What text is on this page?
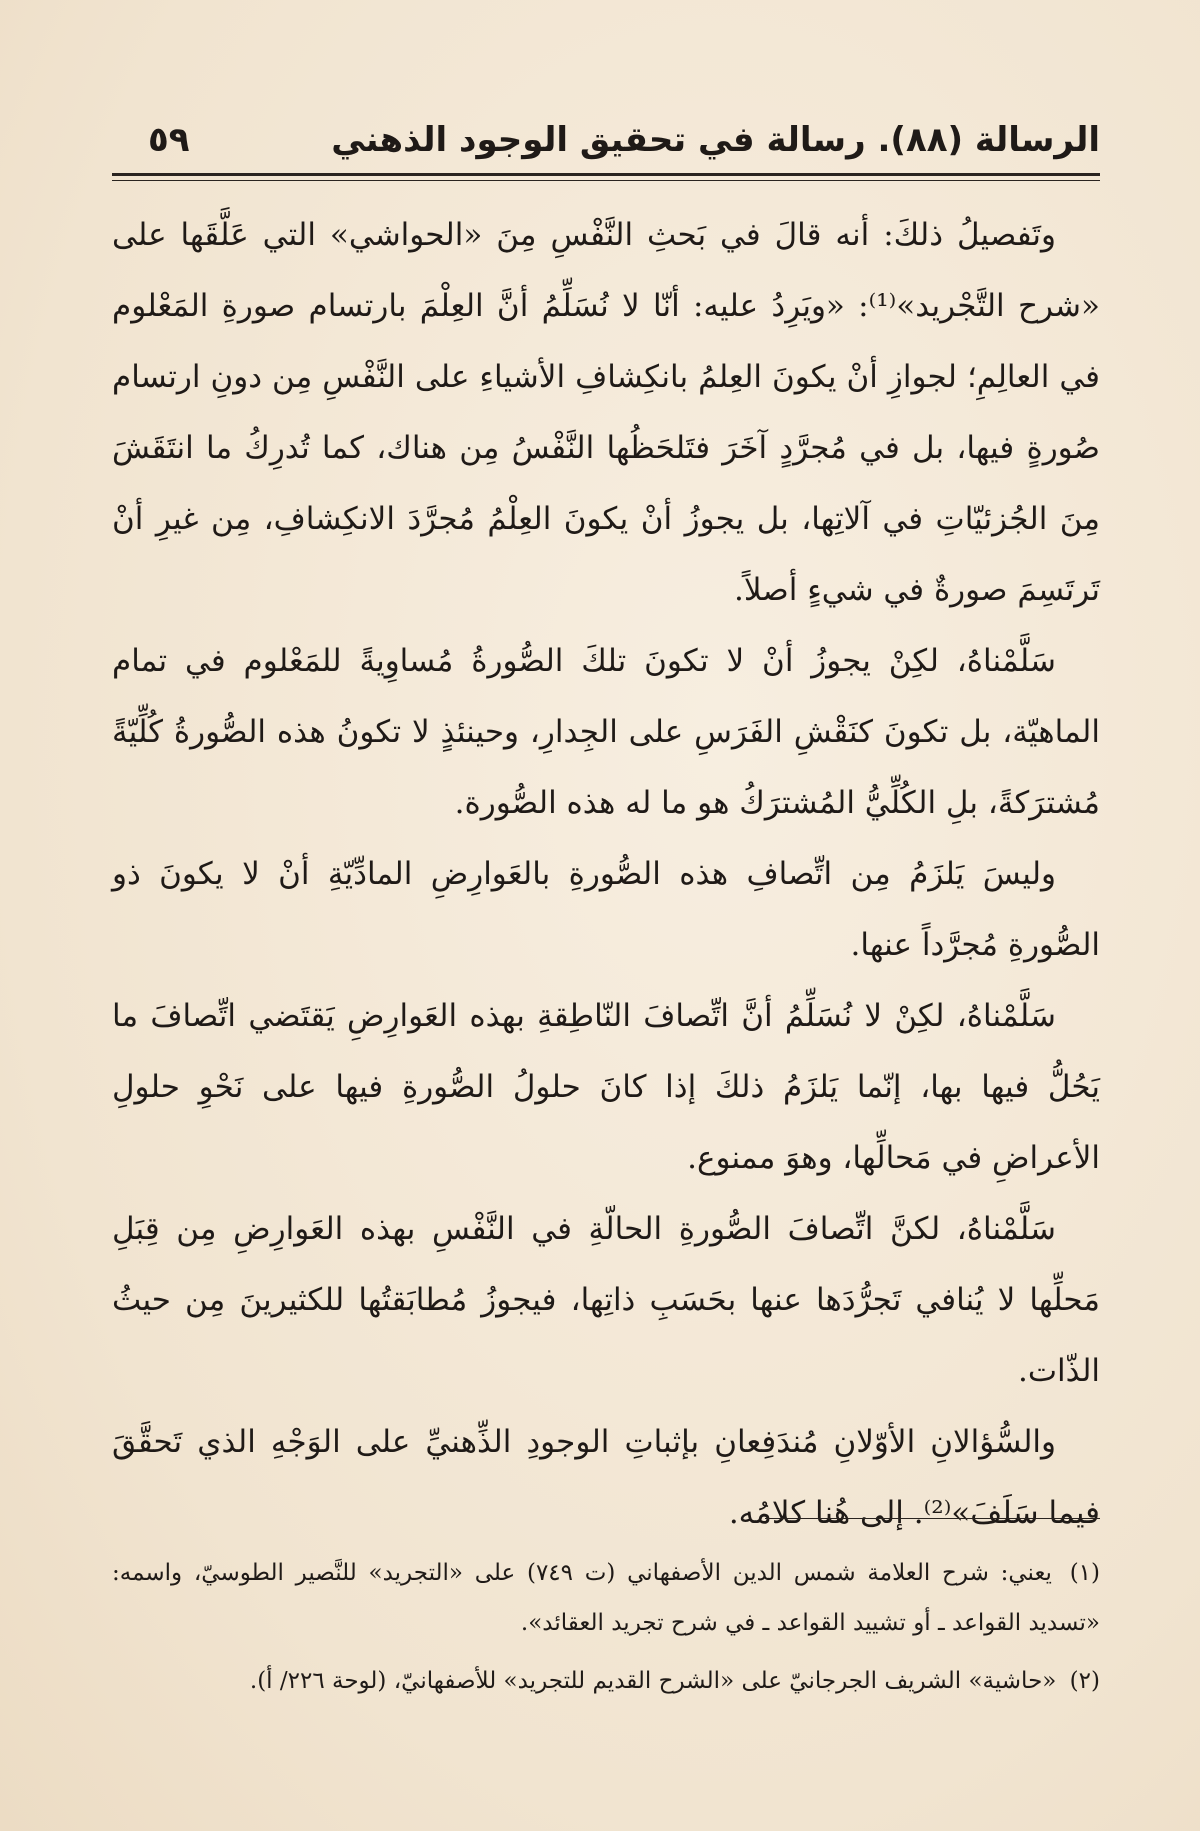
الرسالة (٨٨). رسالة في تحقيق الوجود الذهني
٥٩

وتَفصيلُ ذلكَ: أنه قالَ في بَحثِ النَّفْسِ مِنَ «الحواشي» التي عَلَّقَها على «شرح التَّجْريد»⁽¹⁾: «ويَرِدُ عليه: أنّا لا نُسَلِّمُ أنَّ العِلْمَ بارتسام صورةِ المَعْلوم في العالِمِ؛ لجوازِ أنْ يكونَ العِلمُ بانكِشافِ الأشياءِ على النَّفْسِ مِن دونِ ارتسام صُورةٍ فيها، بل في مُجرَّدٍ آخَرَ فتَلحَظُها النَّفْسُ مِن هناك، كما تُدرِكُ ما انتَقَشَ مِنَ الجُزئيّاتِ في آلاتِها، بل يجوزُ أنْ يكونَ العِلْمُ مُجرَّدَ الانكِشافِ، مِن غيرِ أنْ تَرتَسِمَ صورةٌ في شيءٍ أصلاً.

سَلَّمْناهُ، لكِنْ يجوزُ أنْ لا تكونَ تلكَ الصُّورةُ مُساوِيةً للمَعْلوم في تمام الماهيّة، بل تكونَ كنَقْشِ الفَرَسِ على الجِدارِ، وحينئذٍ لا تكونُ هذه الصُّورةُ كُلِّيّةً مُشترَكةً، بلِ الكُلِّيُّ المُشترَكُ هو ما له هذه الصُّورة.

وليسَ يَلزَمُ مِن اتِّصافِ هذه الصُّورةِ بالعَوارِضِ المادِّيّةِ أنْ لا يكونَ ذو الصُّورةِ مُجرَّداً عنها.

سَلَّمْناهُ، لكِنْ لا نُسَلِّمُ أنَّ اتِّصافَ النّاطِقةِ بهذه العَوارِضِ يَقتَضي اتِّصافَ ما يَحُلُّ فيها بها، إنّما يَلزَمُ ذلكَ إذا كانَ حلولُ الصُّورةِ فيها على نَحْوِ حلولِ الأعراضِ في مَحالِّها، وهوَ ممنوع.

سَلَّمْناهُ، لكنَّ اتِّصافَ الصُّورةِ الحالّةِ في النَّفْسِ بهذه العَوارِضِ مِن قِبَلِ مَحلِّها لا يُنافي تَجرُّدَها عنها بحَسَبِ ذاتِها، فيجوزُ مُطابَقتُها للكثيرينَ مِن حيثُ الذّات.

والسُّؤالانِ الأوّلانِ مُندَفِعانِ بإثباتِ الوجودِ الذِّهنيِّ على الوَجْهِ الذي تَحقَّقَ فيما سَلَفَ»⁽²⁾. إلى هُنا كلامُه.

(١) يعني: شرح العلامة شمس الدين الأصفهاني (ت ٧٤٩) على «التجريد» للنَّصير الطوسيّ، واسمه: «تسديد القواعد ـ أو تشييد القواعد ـ في شرح تجريد العقائد».

(٢) «حاشية» الشريف الجرجانيّ على «الشرح القديم للتجريد» للأصفهانيّ، (لوحة ٢٢٦/ أ).
